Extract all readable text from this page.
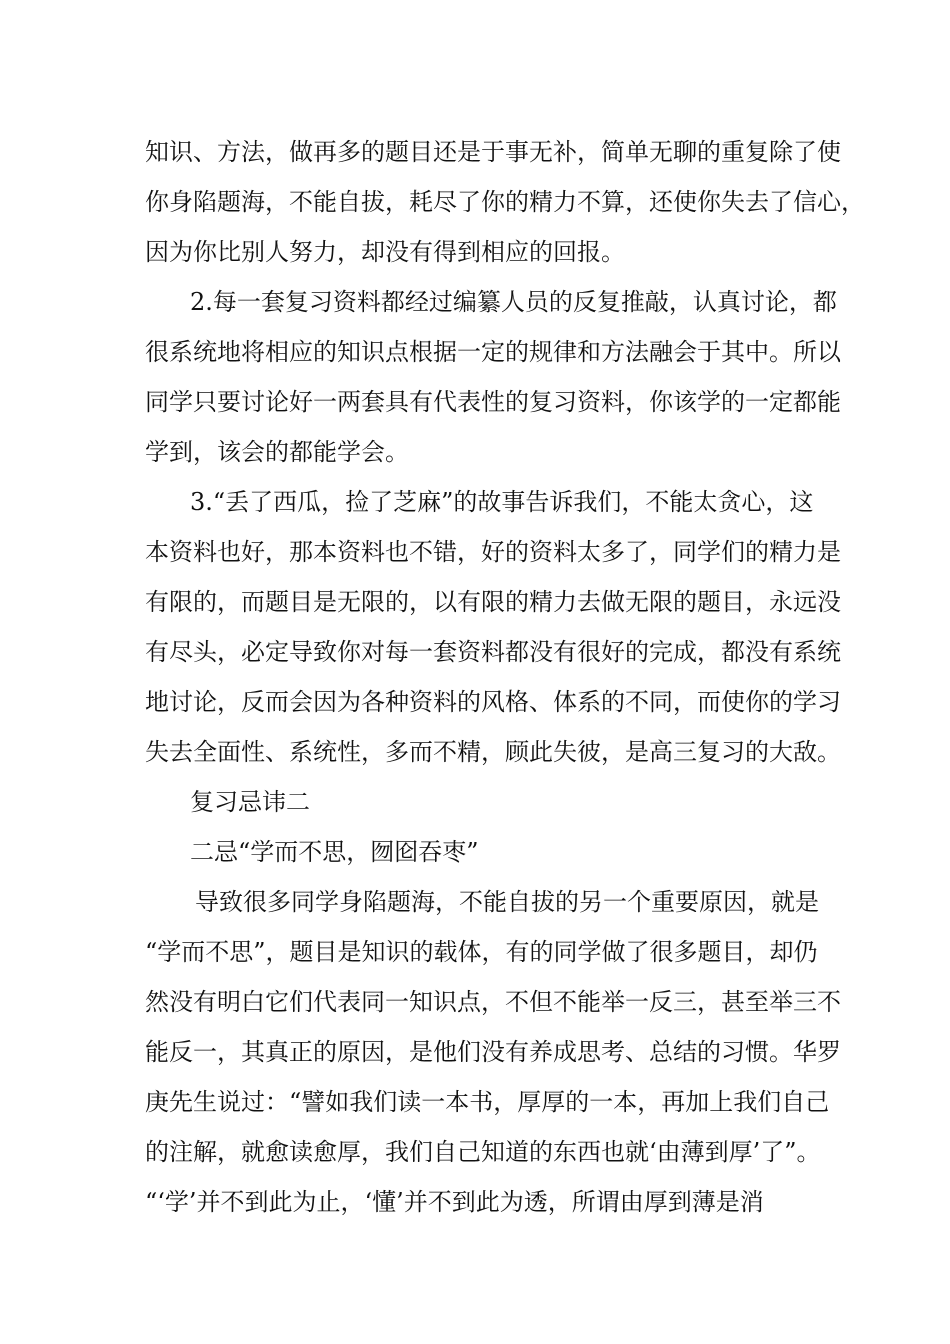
知识、方法，做再多的题目还是于事无补，简单无聊的重复除了使

你身陷题海，不能自拔，耗尽了你的精力不算，还使你失去了信心，

因为你比别人努力，却没有得到相应的回报。

2.每一套复习资料都经过编纂人员的反复推敲，认真讨论，都

很系统地将相应的知识点根据一定的规律和方法融会于其中。所以

同学只要讨论好一两套具有代表性的复习资料，你该学的一定都能

学到，该会的都能学会。

3.“丢了西瓜，捡了芝麻”的故事告诉我们，不能太贪心，这

本资料也好，那本资料也不错，好的资料太多了，同学们的精力是

有限的，而题目是无限的，以有限的精力去做无限的题目，永远没

有尽头，必定导致你对每一套资料都没有很好的完成，都没有系统

地讨论，反而会因为各种资料的风格、体系的不同，而使你的学习

失去全面性、系统性，多而不精，顾此失彼，是高三复习的大敌。

复习忌讳二

二忌“学而不思，囫囵吞枣”

导致很多同学身陷题海，不能自拔的另一个重要原因，就是

“学而不思”，题目是知识的载体，有的同学做了很多题目，却仍

然没有明白它们代表同一知识点，不但不能举一反三，甚至举三不

能反一，其真正的原因，是他们没有养成思考、总结的习惯。华罗

庚先生说过：“譬如我们读一本书，厚厚的一本，再加上我们自己

的注解，就愈读愈厚，我们自己知道的东西也就‘由薄到厚’了”。

“‘学’并不到此为止，‘懂’并不到此为透，所谓由厚到薄是消
